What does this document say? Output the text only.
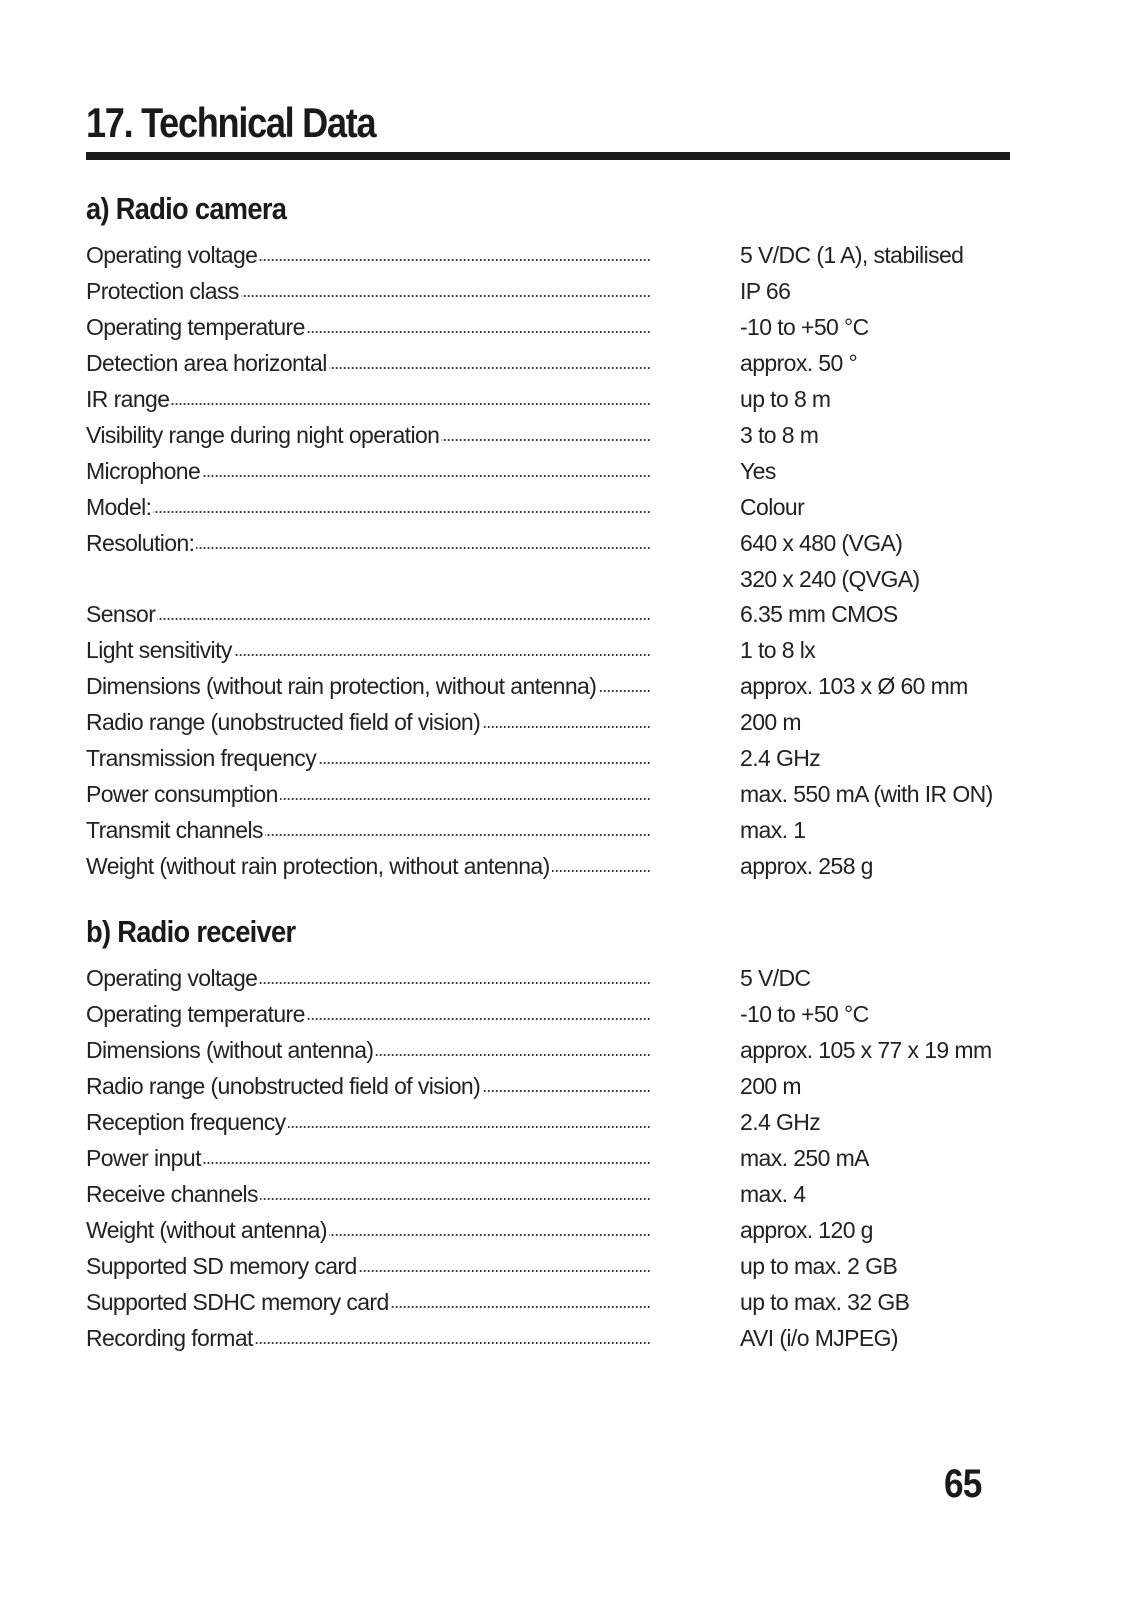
17. Technical Data
a) Radio camera
Operating voltage . . .	5 V/DC (1 A), stabilised
Protection class . . .	IP 66
Operating temperature . . .	-10 to +50 °C
Detection area horizontal . . .	approx. 50 °
IR range . . .	up to 8 m
Visibility range during night operation . . .	3 to 8 m
Microphone . . .	Yes
Model: . . .	Colour
Resolution: . . .	640 x 480 (VGA)
320 x 240 (QVGA)
Sensor . . .	6.35 mm CMOS
Light sensitivity . . .	1 to 8 lx
Dimensions (without rain protection, without antenna) . . .	approx. 103 x Ø 60 mm
Radio range (unobstructed field of vision) . . .	200 m
Transmission frequency . . .	2.4 GHz
Power consumption . . .	max. 550 mA (with IR ON)
Transmit channels . . .	max. 1
Weight (without rain protection, without antenna) . . .	approx. 258 g
b) Radio receiver
Operating voltage . . .	5 V/DC
Operating temperature . . .	-10 to +50 °C
Dimensions (without antenna) . . .	approx. 105 x 77 x 19 mm
Radio range (unobstructed field of vision) . . .	200 m
Reception frequency . . .	2.4 GHz
Power input . . .	max. 250 mA
Receive channels . . .	max. 4
Weight (without antenna) . . .	approx. 120 g
Supported SD memory card . . .	up to max. 2 GB
Supported SDHC memory card . . .	up to max. 32 GB
Recording format . . .	AVI (i/o MJPEG)
65
